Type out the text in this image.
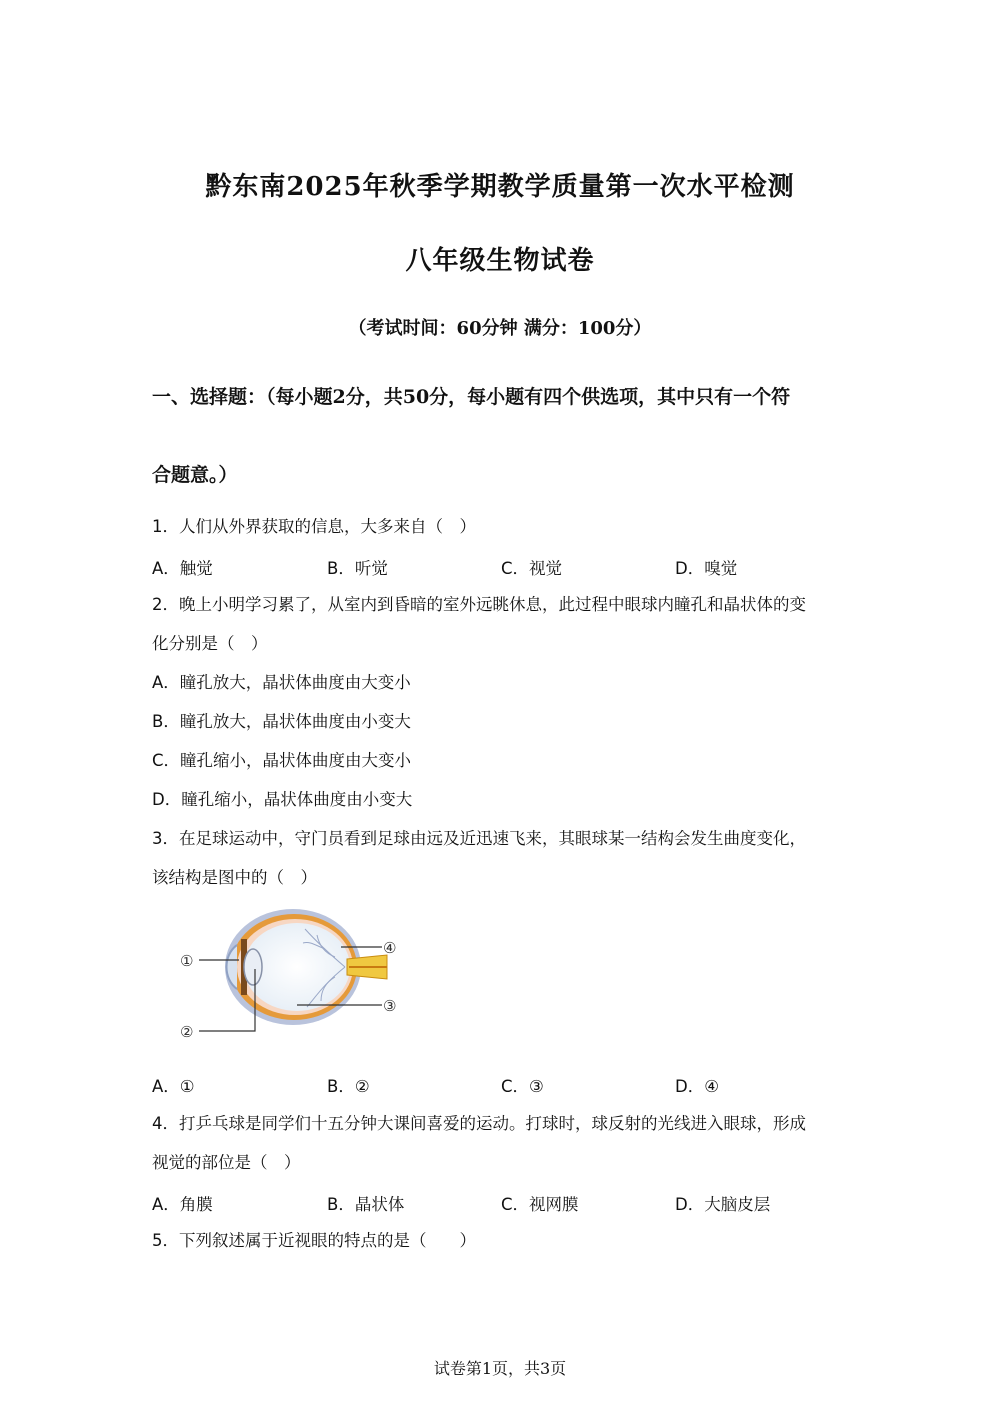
黔东南2025年秋季学期教学质量第一次水平检测
八年级生物试卷
（考试时间：60分钟 满分：100分）
一、选择题：（每小题2分，共50分，每小题有四个供选项，其中只有一个符
合题意。）
1．人们从外界获取的信息，大多来自（　）
A．触觉	B．听觉	C．视觉	D．嗅觉
2．晚上小明学习累了，从室内到昏暗的室外远眺休息，此过程中眼球内瞳孔和晶状体的变
化分别是（　）
A．瞳孔放大，晶状体曲度由大变小
B．瞳孔放大，晶状体曲度由小变大
C．瞳孔缩小，晶状体曲度由大变小
D．瞳孔缩小，晶状体曲度由小变大
3．在足球运动中，守门员看到足球由远及近迅速飞来，其眼球某一结构会发生曲度变化，
该结构是图中的（　）
①
②
③
④
A．①	B．②	C．③	D．④
4．打乒乓球是同学们十五分钟大课间喜爱的运动。打球时，球反射的光线进入眼球，形成
视觉的部位是（　）
A．角膜	B．晶状体	C．视网膜	D．大脑皮层
5．下列叙述属于近视眼的特点的是（　　）
试卷第1页，共3页
